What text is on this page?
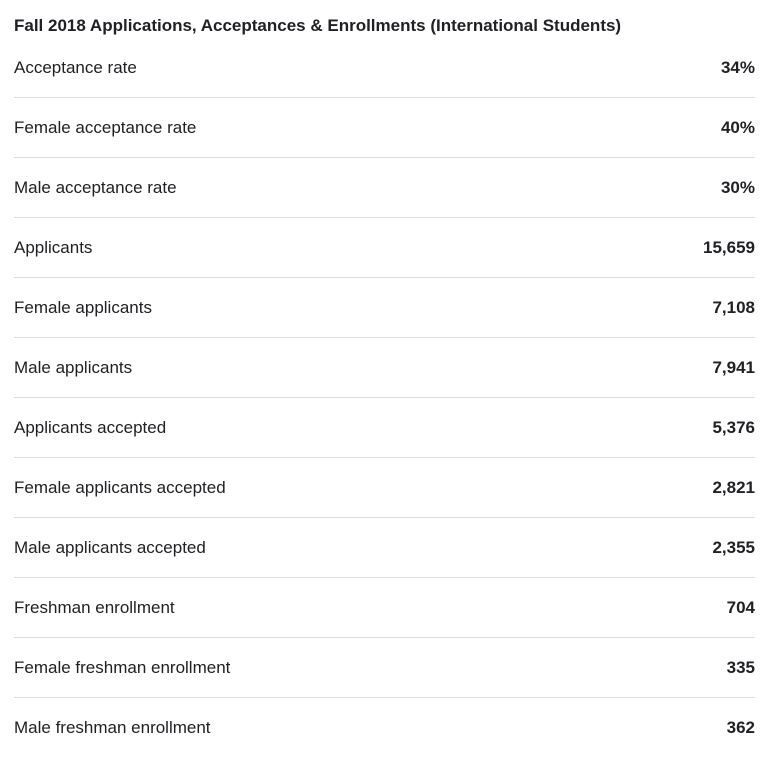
Fall 2018 Applications, Acceptances & Enrollments (International Students)
Acceptance rate	34%
Female acceptance rate	40%
Male acceptance rate	30%
Applicants	15,659
Female applicants	7,108
Male applicants	7,941
Applicants accepted	5,376
Female applicants accepted	2,821
Male applicants accepted	2,355
Freshman enrollment	704
Female freshman enrollment	335
Male freshman enrollment	362
